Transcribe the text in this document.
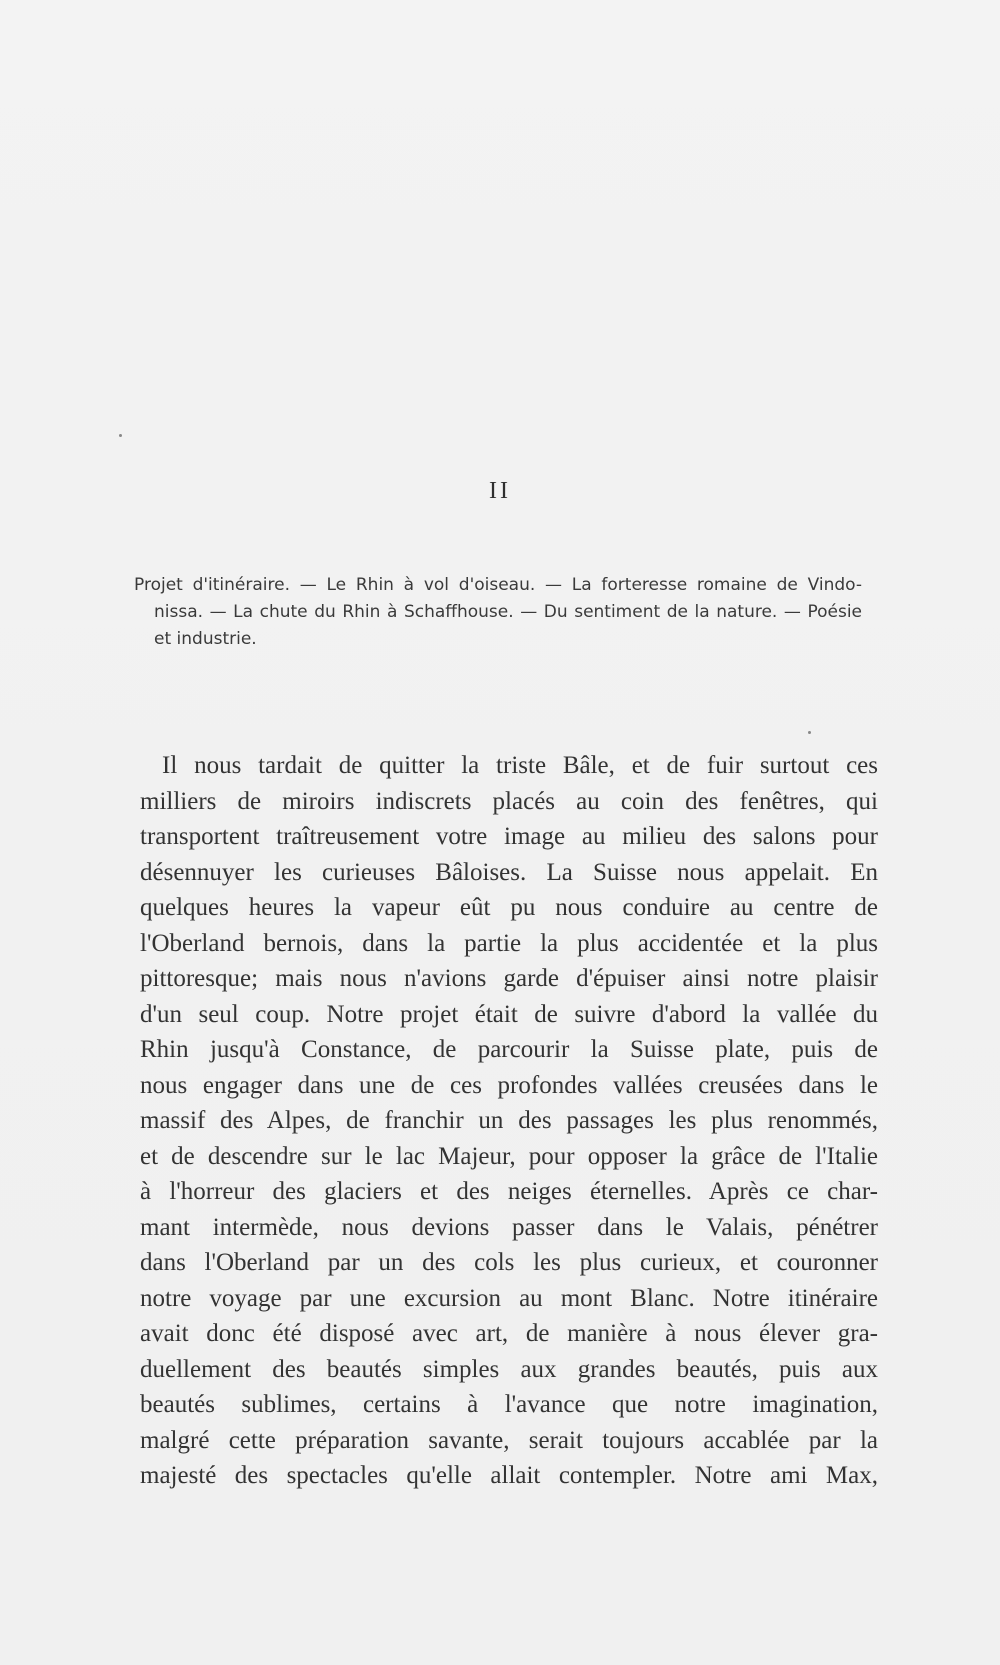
II
Projet d'itinéraire. — Le Rhin à vol d'oiseau. — La forteresse romaine de Vindo-
nissa. — La chute du Rhin à Schaffhouse. — Du sentiment de la nature. — Poésie
et industrie.
Il nous tardait de quitter la triste Bâle, et de fuir surtout ces
milliers de miroirs indiscrets placés au coin des fenêtres, qui
transportent traîtreusement votre image au milieu des salons pour
désennuyer les curieuses Bâloises. La Suisse nous appelait. En
quelques heures la vapeur eût pu nous conduire au centre de
l'Oberland bernois, dans la partie la plus accidentée et la plus
pittoresque; mais nous n'avions garde d'épuiser ainsi notre plaisir
d'un seul coup. Notre projet était de suivre d'abord la vallée du
Rhin jusqu'à Constance, de parcourir la Suisse plate, puis de
nous engager dans une de ces profondes vallées creusées dans le
massif des Alpes, de franchir un des passages les plus renommés,
et de descendre sur le lac Majeur, pour opposer la grâce de l'Italie
à l'horreur des glaciers et des neiges éternelles. Après ce char-
mant intermède, nous devions passer dans le Valais, pénétrer
dans l'Oberland par un des cols les plus curieux, et couronner
notre voyage par une excursion au mont Blanc. Notre itinéraire
avait donc été disposé avec art, de manière à nous élever gra-
duellement des beautés simples aux grandes beautés, puis aux
beautés sublimes, certains à l'avance que notre imagination,
malgré cette préparation savante, serait toujours accablée par la
majesté des spectacles qu'elle allait contempler. Notre ami Max,
